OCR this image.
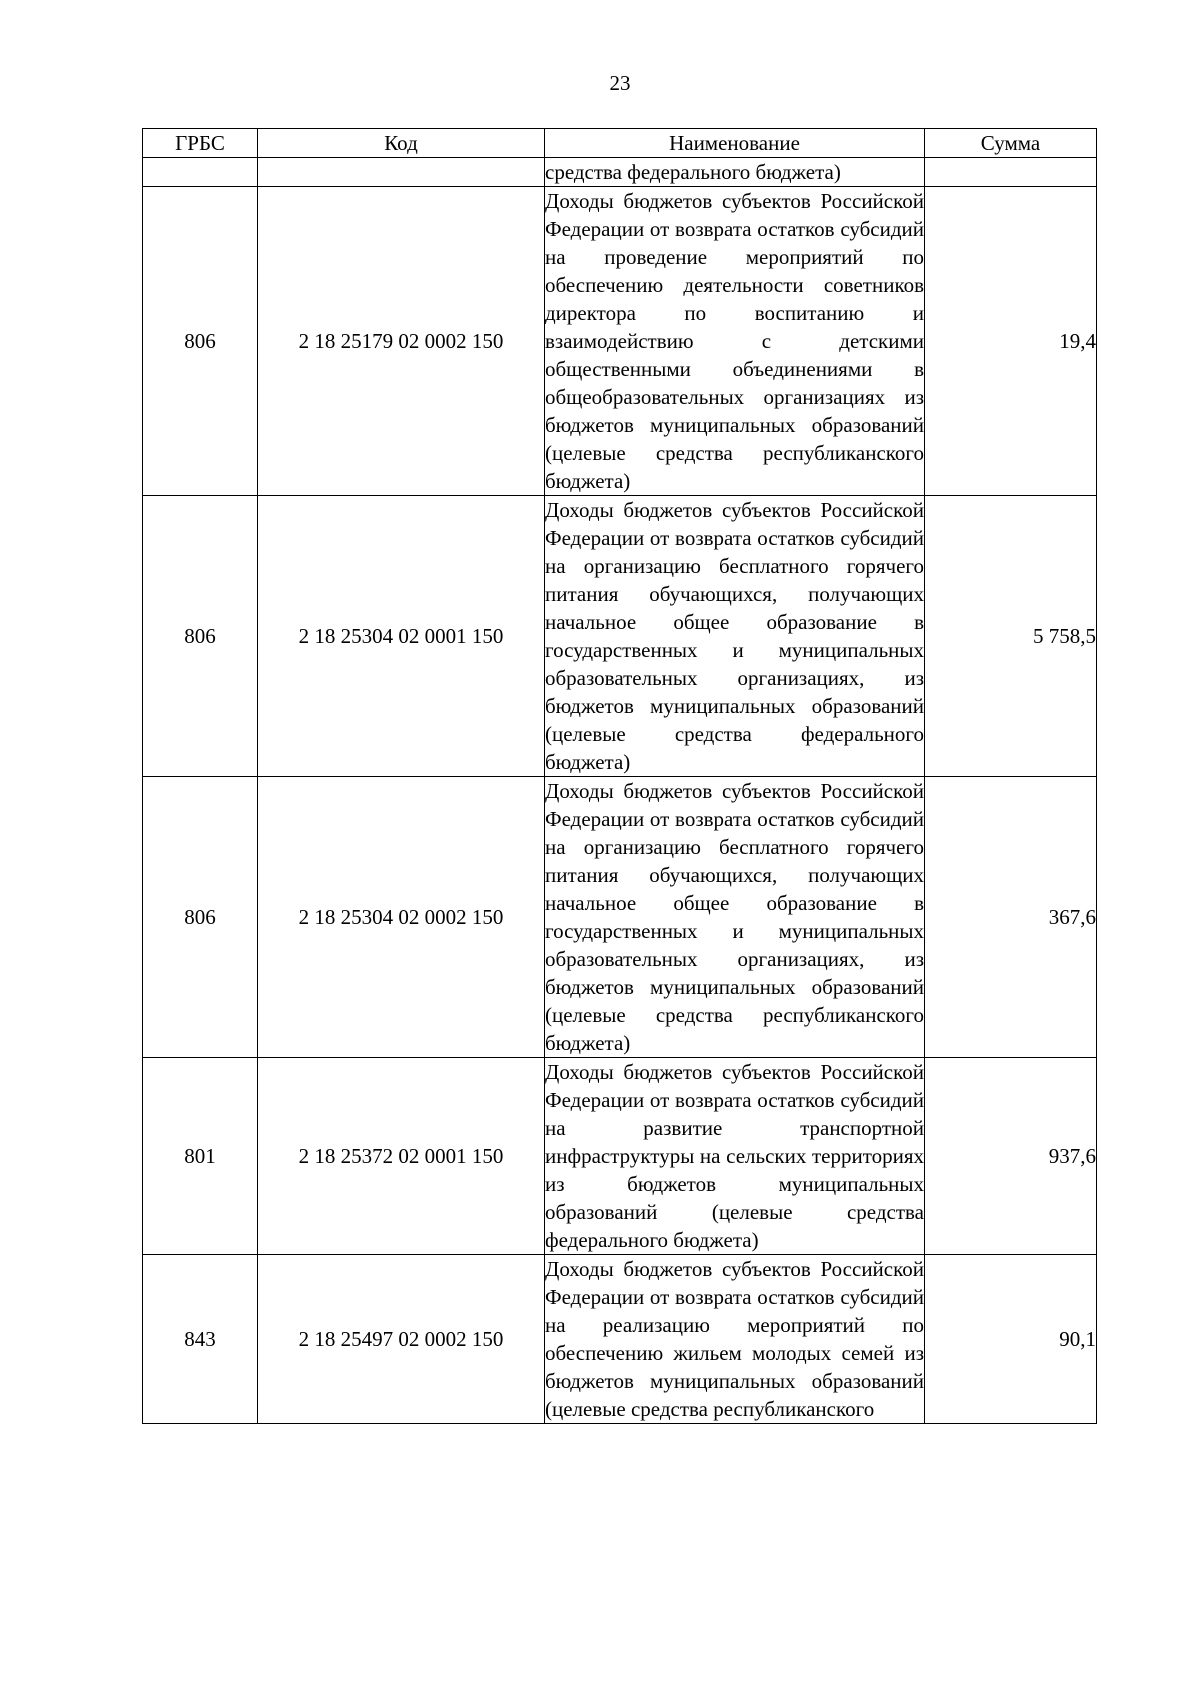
23
ГРБС	Код	Наименование	Сумма
		средства федерального бюджета)	
806	2 18 25179 02 0002 150	Доходы бюджетов субъектов Российской Федерации от возврата остатков субсидий на проведение мероприятий по обеспечению деятельности советников директора по воспитанию и взаимодействию с детскими общественными объединениями в общеобразовательных организациях из бюджетов муниципальных образований (целевые средства республиканского бюджета)	19,4
806	2 18 25304 02 0001 150	Доходы бюджетов субъектов Российской Федерации от возврата остатков субсидий на организацию бесплатного горячего питания обучающихся, получающих начальное общее образование в государственных и муниципальных образовательных организациях, из бюджетов муниципальных образований (целевые средства федерального бюджета)	5 758,5
806	2 18 25304 02 0002 150	Доходы бюджетов субъектов Российской Федерации от возврата остатков субсидий на организацию бесплатного горячего питания обучающихся, получающих начальное общее образование в государственных и муниципальных образовательных организациях, из бюджетов муниципальных образований (целевые средства республиканского бюджета)	367,6
801	2 18 25372 02 0001 150	Доходы бюджетов субъектов Российской Федерации от возврата остатков субсидий на развитие транспортной инфраструктуры на сельских территориях из бюджетов муниципальных образований (целевые средства федерального бюджета)	937,6
843	2 18 25497 02 0002 150	Доходы бюджетов субъектов Российской Федерации от возврата остатков субсидий на реализацию мероприятий по обеспечению жильем молодых семей из бюджетов муниципальных образований (целевые средства республиканского	90,1
